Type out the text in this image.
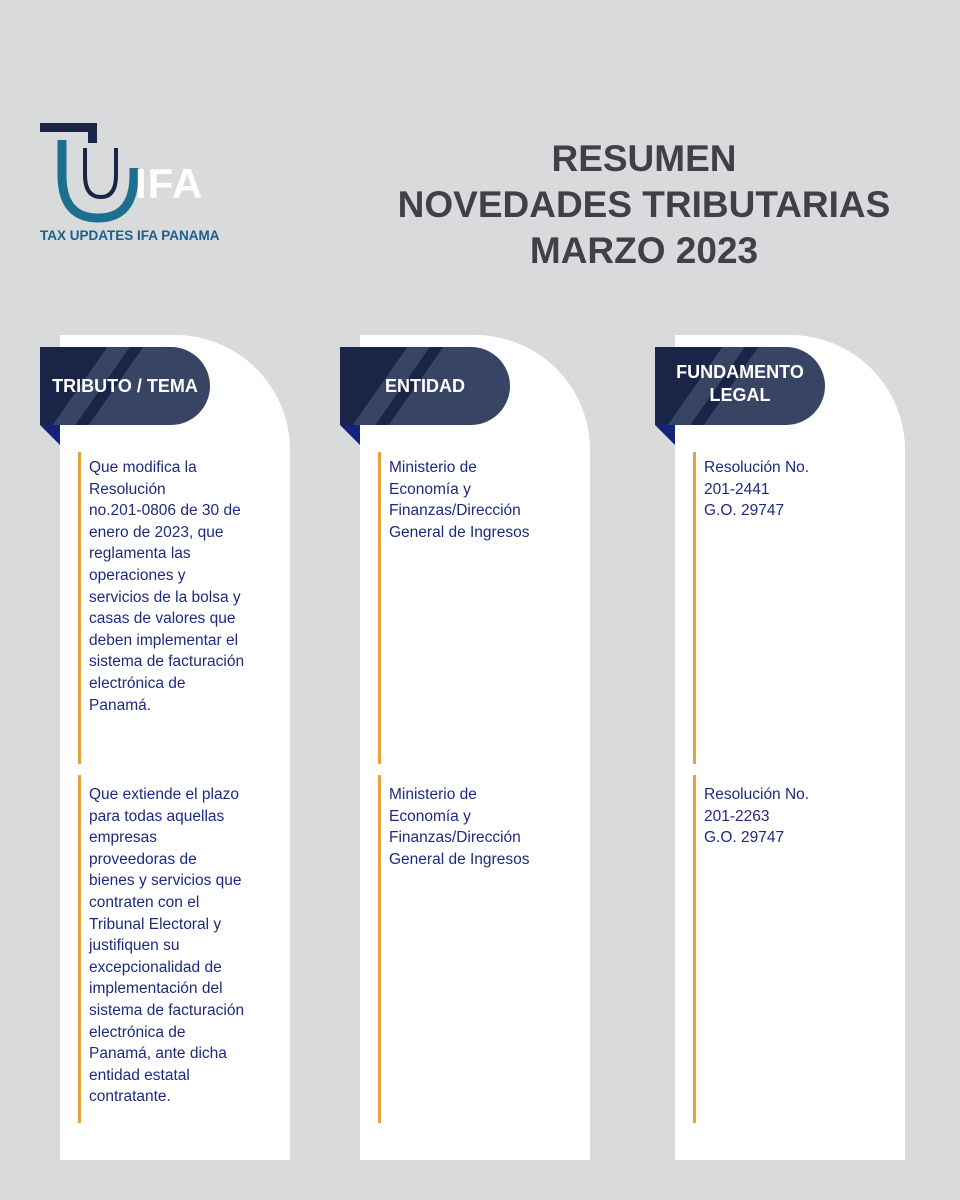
IFA
TAX UPDATES IFA PANAMA
RESUMEN
NOVEDADES TRIBUTARIAS
MARZO 2023
TRIBUTO / TEMA
Que modifica la
Resolución
no.201-0806 de 30 de
enero de 2023, que
reglamenta las
operaciones y
servicios de la bolsa y
casas de valores que
deben implementar el
sistema de facturación
electrónica de
Panamá.
Que extiende el plazo
para todas aquellas
empresas
proveedoras de
bienes y servicios que
contraten con el
Tribunal Electoral y
justifiquen su
excepcionalidad de
implementación del
sistema de facturación
electrónica de
Panamá, ante dicha
entidad estatal
contratante.
ENTIDAD
Ministerio de
Economía y
Finanzas/Dirección
General de Ingresos
Ministerio de
Economía y
Finanzas/Dirección
General de Ingresos
FUNDAMENTO
LEGAL
Resolución No.
201-2441
G.O. 29747
Resolución No.
201-2263
G.O. 29747
